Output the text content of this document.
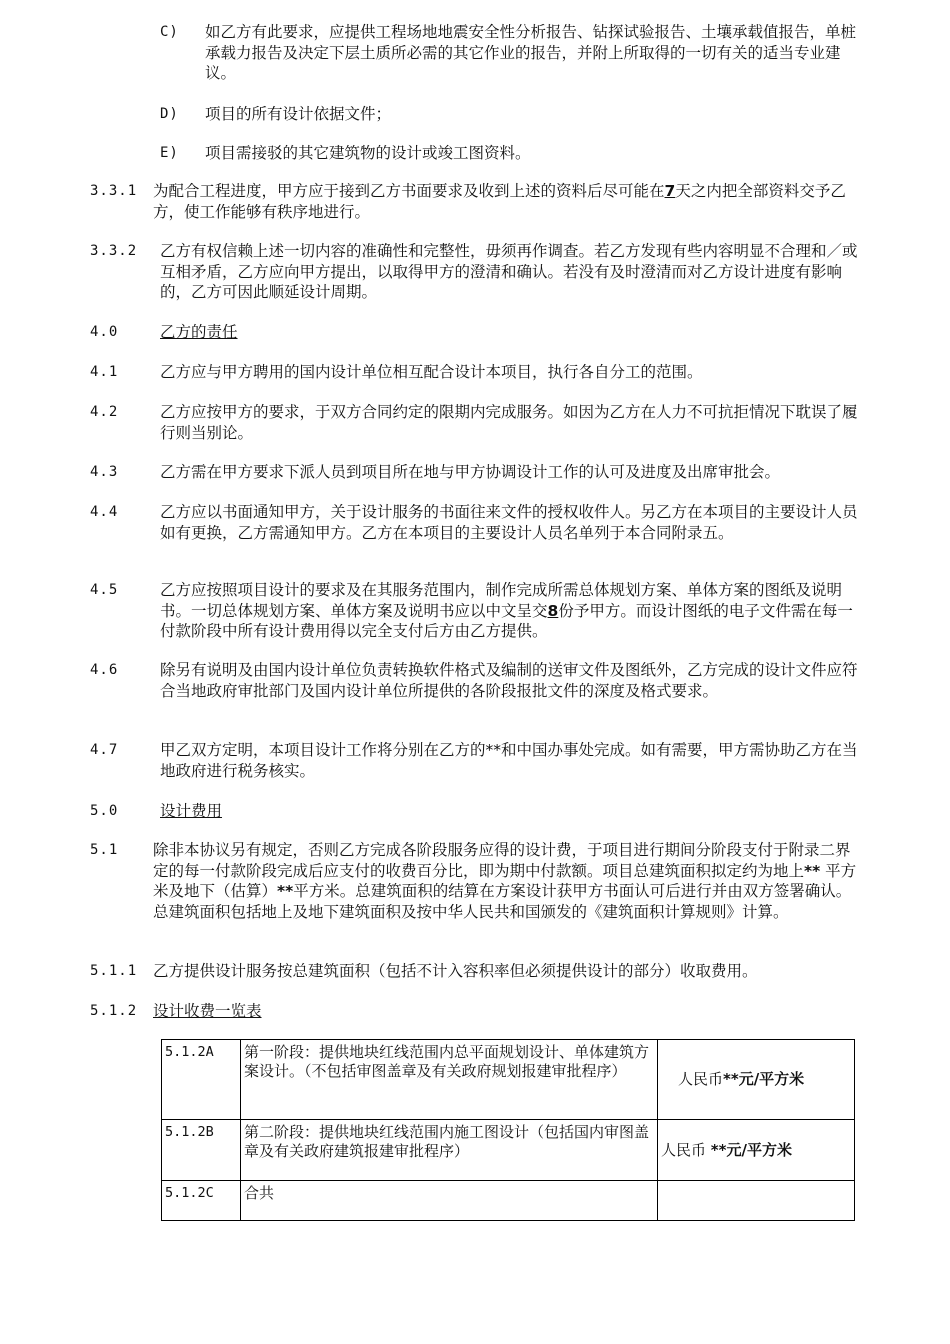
C) 如乙方有此要求，应提供工程场地地震安全性分析报告、钻探试验报告、土壤承载值报告，单桩承载力报告及决定下层土质所必需的其它作业的报告，并附上所取得的一切有关的适当专业建议。
D) 项目的所有设计依据文件；
E) 项目需接驳的其它建筑物的设计或竣工图资料。
3.3.1 为配合工程进度，甲方应于接到乙方书面要求及收到上述的资料后尽可能在7天之内把全部资料交予乙方，使工作能够有秩序地进行。
3.3.2 乙方有权信赖上述一切内容的准确性和完整性，毋须再作调查。若乙方发现有些内容明显不合理和／或互相矛盾，乙方应向甲方提出，以取得甲方的澄清和确认。若没有及时澄清而对乙方设计进度有影响的，乙方可因此顺延设计周期。
4.0	乙方的责任
4.1	乙方应与甲方聘用的国内设计单位相互配合设计本项目，执行各自分工的范围。
4.2	乙方应按甲方的要求，于双方合同约定的限期内完成服务。如因为乙方在人力不可抗拒情况下耽误了履行则当别论。
4.3	乙方需在甲方要求下派人员到项目所在地与甲方协调设计工作的认可及进度及出席审批会。
4.4	乙方应以书面通知甲方，关于设计服务的书面往来文件的授权收件人。另乙方在本项目的主要设计人员如有更换，乙方需通知甲方。乙方在本项目的主要设计人员名单列于本合同附录五。
4.5	乙方应按照项目设计的要求及在其服务范围内，制作完成所需总体规划方案、单体方案的图纸及说明书。一切总体规划方案、单体方案及说明书应以中文呈交8份予甲方。而设计图纸的电子文件需在每一付款阶段中所有设计费用得以完全支付后方由乙方提供。
4.6	除另有说明及由国内设计单位负责转换软件格式及编制的送审文件及图纸外，乙方完成的设计文件应符合当地政府审批部门及国内设计单位所提供的各阶段报批文件的深度及格式要求。
4.7	甲乙双方定明，本项目设计工作将分别在乙方的**和中国办事处完成。如有需要，甲方需协助乙方在当地政府进行税务核实。
5.0	设计费用
5.1 除非本协议另有规定，否则乙方完成各阶段服务应得的设计费，于项目进行期间分阶段支付于附录二界定的每一付款阶段完成后应支付的收费百分比，即为期中付款额。项目总建筑面积拟定约为地上** 平方米及地下（估算）**平方米。总建筑面积的结算在方案设计获甲方书面认可后进行并由双方签署确认。总建筑面积包括地上及地下建筑面积及按中华人民共和国颁发的《建筑面积计算规则》计算。
5.1.1 乙方提供设计服务按总建筑面积（包括不计入容积率但必须提供设计的部分）收取费用。
5.1.2 设计收费一览表
5.1.2A	第一阶段：提供地块红线范围内总平面规划设计、单体建筑方案设计。（不包括审图盖章及有关政府规划报建审批程序）	人民币**元/平方米
5.1.2B	第二阶段：提供地块红线范围内施工图设计（包括国内审图盖章及有关政府建筑报建审批程序）	人民币 **元/平方米
5.1.2C	合共	
